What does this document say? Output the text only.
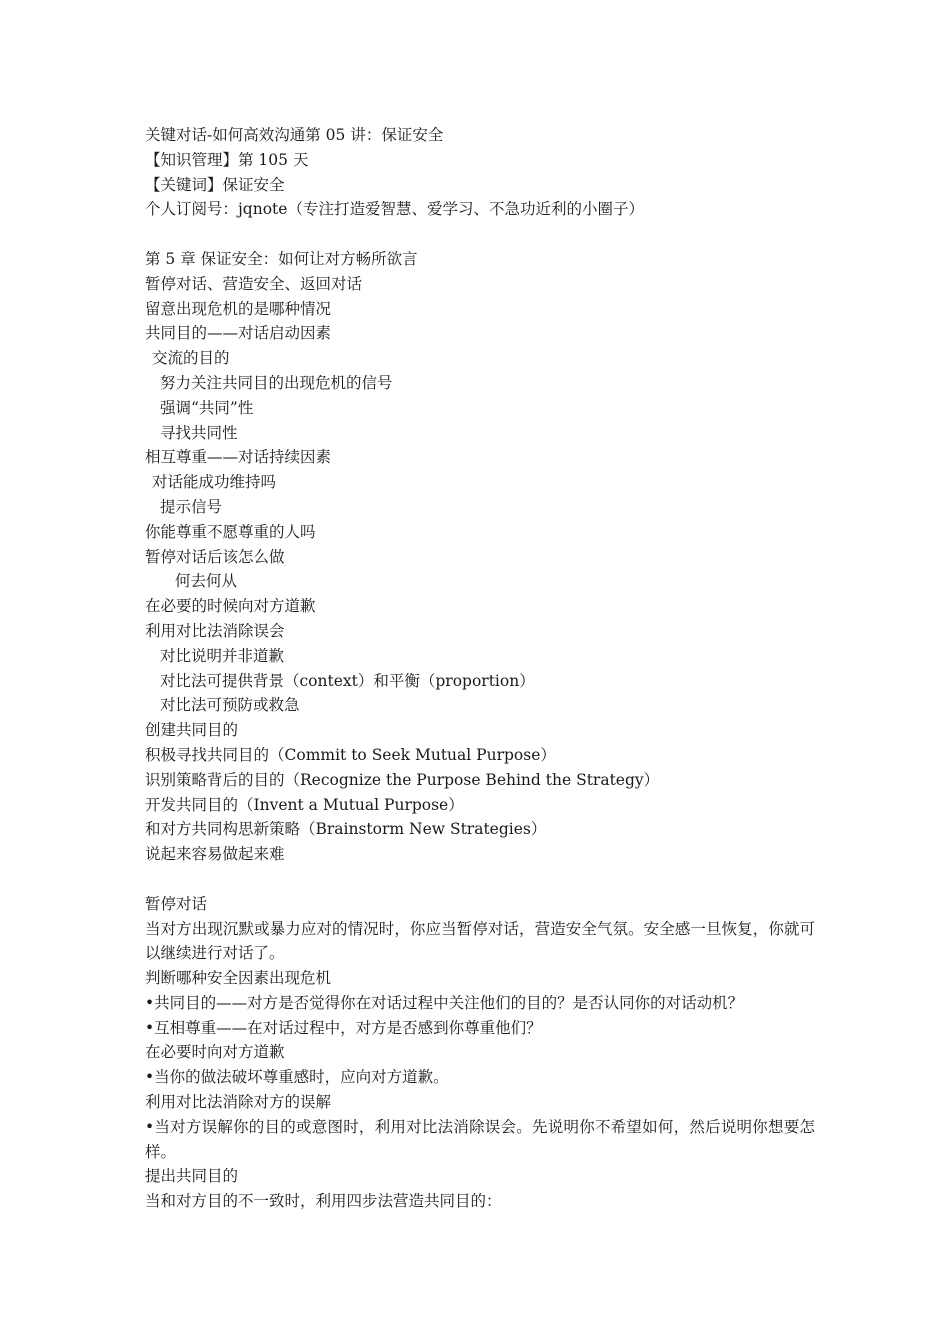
关键对话-如何高效沟通第 05 讲：保证安全
【知识管理】第 105 天
【关键词】保证安全
个人订阅号：jqnote（专注打造爱智慧、爱学习、不急功近利的小圈子）
第 5 章 保证安全：如何让对方畅所欲言
暂停对话、营造安全、返回对话
留意出现危机的是哪种情况
共同目的——对话启动因素
交流的目的
努力关注共同目的出现危机的信号
强调“共同”性
寻找共同性
相互尊重——对话持续因素
对话能成功维持吗
提示信号
你能尊重不愿尊重的人吗
暂停对话后该怎么做
何去何从
在必要的时候向对方道歉
利用对比法消除误会
对比说明并非道歉
对比法可提供背景（context）和平衡（proportion）
对比法可预防或救急
创建共同目的
积极寻找共同目的（Commit to Seek Mutual Purpose）
识别策略背后的目的（Recognize the Purpose Behind the Strategy）
开发共同目的（Invent a Mutual Purpose）
和对方共同构思新策略（Brainstorm New Strategies）
说起来容易做起来难
暂停对话
当对方出现沉默或暴力应对的情况时，你应当暂停对话，营造安全气氛。安全感一旦恢复，你就可以继续进行对话了。
判断哪种安全因素出现危机
•共同目的——对方是否觉得你在对话过程中关注他们的目的？是否认同你的对话动机？
•互相尊重——在对话过程中，对方是否感到你尊重他们？
在必要时向对方道歉
•当你的做法破坏尊重感时，应向对方道歉。
利用对比法消除对方的误解
•当对方误解你的目的或意图时，利用对比法消除误会。先说明你不希望如何，然后说明你想要怎样。
提出共同目的
当和对方目的不一致时，利用四步法营造共同目的：
